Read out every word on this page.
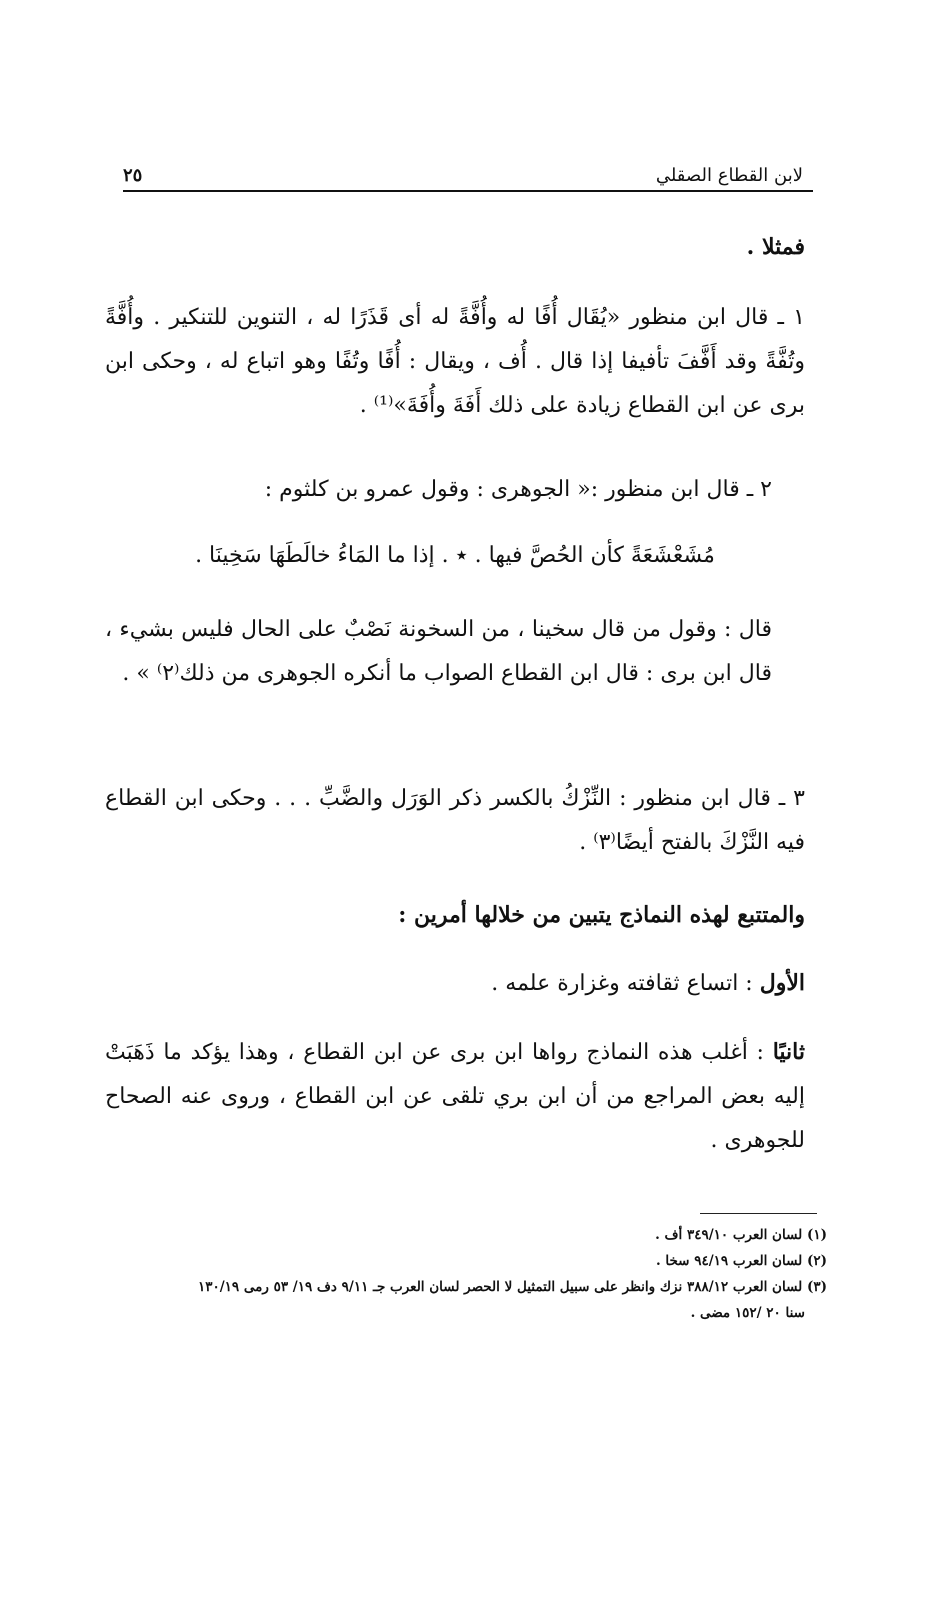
لابن القطاع الصقلي
٢٥

فمثلا .

١ ـ قال ابن منظور «يُقَال أُفًا له وأُفَّةً له أى قَذَرًا له ، التنوين للتنكير . وأُفَّةً وتُفَّةً وقد أَفَّفَ تأفيفا إذا قال . أُف ، ويقال : أُفًا وتُفًا وهو اتباع له ، وحكى ابن برى عن ابن القطاع زيادة على ذلك أَفَةَ وأُفَةَ»⁽¹⁾ .

٢ ـ قال ابن منظور :« الجوهرى : وقول عمرو بن كلثوم :

مُشَعْشَعَةً كأن الحُصَّ فيها . ٭ . إذا ما المَاءُ خالَطَهَا سَخِينَا .

قال : وقول من قال سخينا ، من السخونة نَصْبٌ على الحال فليس بشيء ، قال ابن برى : قال ابن القطاع الصواب ما أنكره الجوهرى من ذلك⁽٢⁾ » .

٣ ـ قال ابن منظور : النِّزْكُ بالكسر ذكر الوَرَل والضَّبِّ . . . وحكى ابن القطاع فيه النَّزْكَ بالفتح أيضًا⁽٣⁾ .

والمتتبع لهذه النماذج يتبين من خلالها أمرين :

الأول : اتساع ثقافته وغزارة علمه .

ثانيًا : أغلب هذه النماذج رواها ابن برى عن ابن القطاع ، وهذا يؤكد ما ذَهَبَتْ إليه بعض المراجع من أن ابن بري تلقى عن ابن القطاع ، وروى عنه الصحاح للجوهرى .

(١) لسان العرب ٣٤٩/١٠ أف .

(٢) لسان العرب ٩٤/١٩ سخا .

(٣) لسان العرب ٣٨٨/١٢ نزك وانظر على سبيل التمثيل لا الحصر لسان العرب جـ ٩/١١ دف ١٩/ ٥٣ رمى ١٣٠/١٩

سنا ٢٠ /١٥٢ مضى .
